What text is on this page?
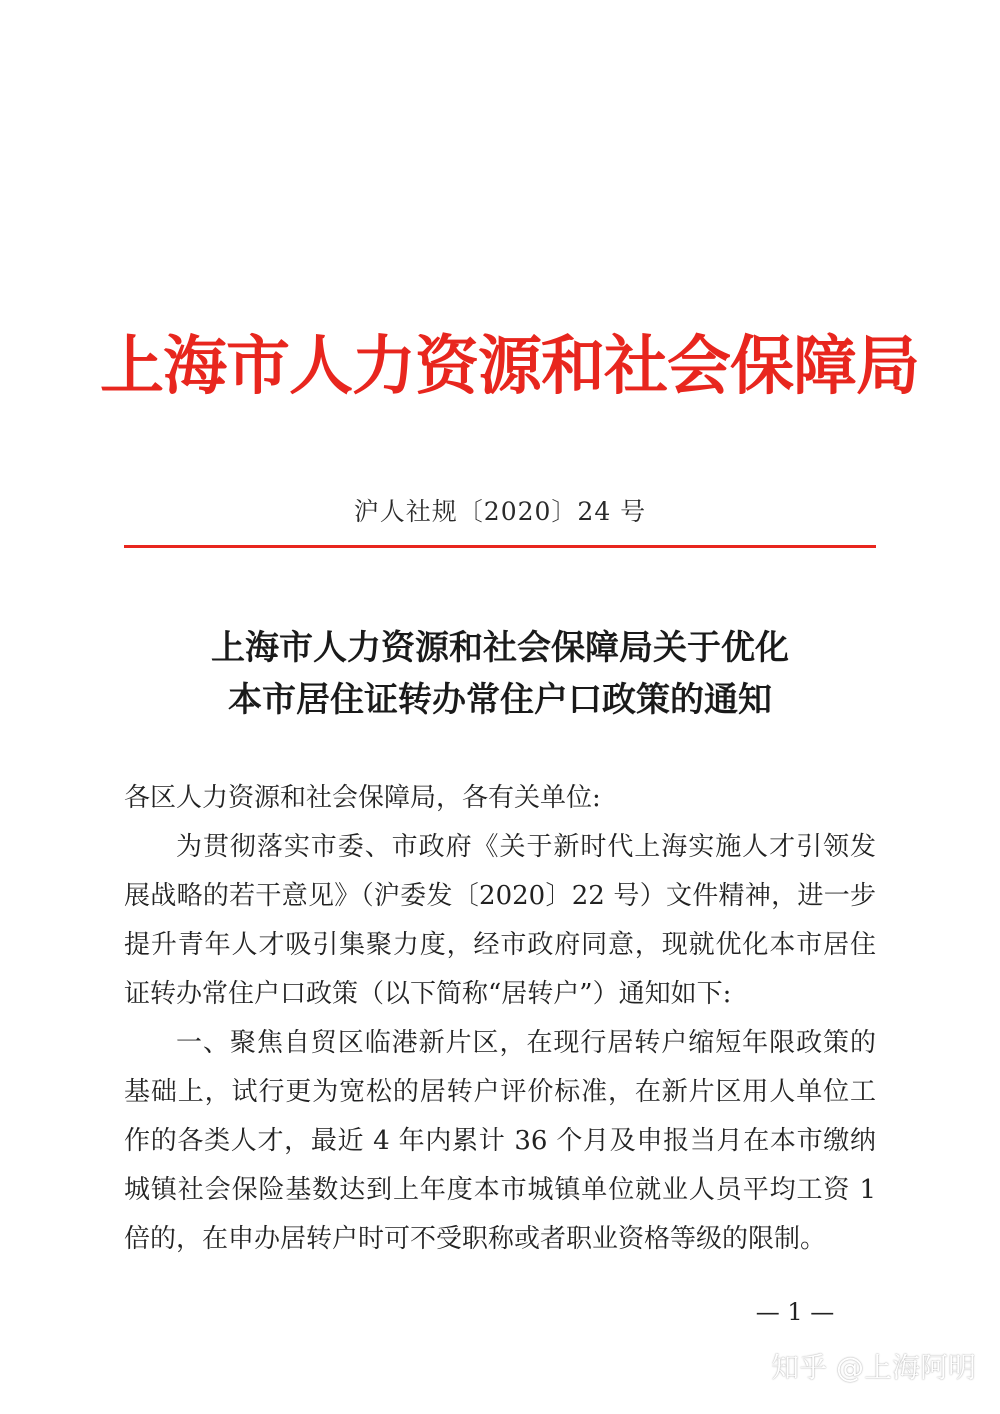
上海市人力资源和社会保障局
沪人社规〔2020〕24 号
上海市人力资源和社会保障局关于优化
本市居住证转办常住户口政策的通知

各区人力资源和社会保障局，各有关单位:

为贯彻落实市委、市政府《关于新时代上海实施人才引领发展战略的若干意见》（沪委发〔2020〕22 号）文件精神，进一步提升青年人才吸引集聚力度，经市政府同意，现就优化本市居住证转办常住户口政策（以下简称“居转户”）通知如下:

一、聚焦自贸区临港新片区，在现行居转户缩短年限政策的基础上，试行更为宽松的居转户评价标准，在新片区用人单位工作的各类人才，最近 4 年内累计 36 个月及申报当月在本市缴纳城镇社会保险基数达到上年度本市城镇单位就业人员平均工资 1 倍的，在申办居转户时可不受职称或者职业资格等级的限制。

— 1 —
知乎 @上海阿明
